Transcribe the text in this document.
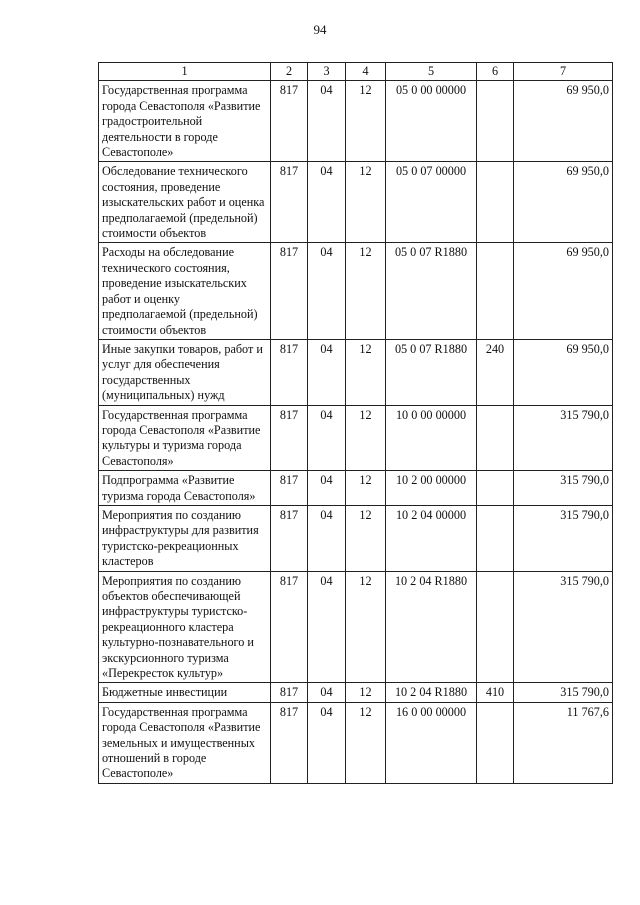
94
1	2	3	4	5	6	7
Государственная программа города Севастополя «Развитие градостроительной деятельности в городе Севастополе»	817	04	12	05 0 00 00000		69 950,0
Обследование технического состояния, проведение изыскательских работ и оценка предполагаемой (предельной) стоимости объектов	817	04	12	05 0 07 00000		69 950,0
Расходы на обследование технического состояния, проведение изыскательских работ и оценку предполагаемой (предельной) стоимости объектов	817	04	12	05 0 07 R1880		69 950,0
Иные закупки товаров, работ и услуг для обеспечения государственных (муниципальных) нужд	817	04	12	05 0 07 R1880	240	69 950,0
Государственная программа города Севастополя «Развитие культуры и туризма города Севастополя»	817	04	12	10 0 00 00000		315 790,0
Подпрограмма «Развитие туризма города Севастополя»	817	04	12	10 2 00 00000		315 790,0
Мероприятия по созданию инфраструктуры для развития туристско-рекреационных кластеров	817	04	12	10 2 04 00000		315 790,0
Мероприятия по созданию объектов обеспечивающей инфраструктуры туристско-рекреационного кластера культурно-познавательного и экскурсионного туризма «Перекресток культур»	817	04	12	10 2 04 R1880		315 790,0
Бюджетные инвестиции	817	04	12	10 2 04 R1880	410	315 790,0
Государственная программа города Севастополя «Развитие земельных и имущественных отношений в городе Севастополе»	817	04	12	16 0 00 00000		11 767,6
